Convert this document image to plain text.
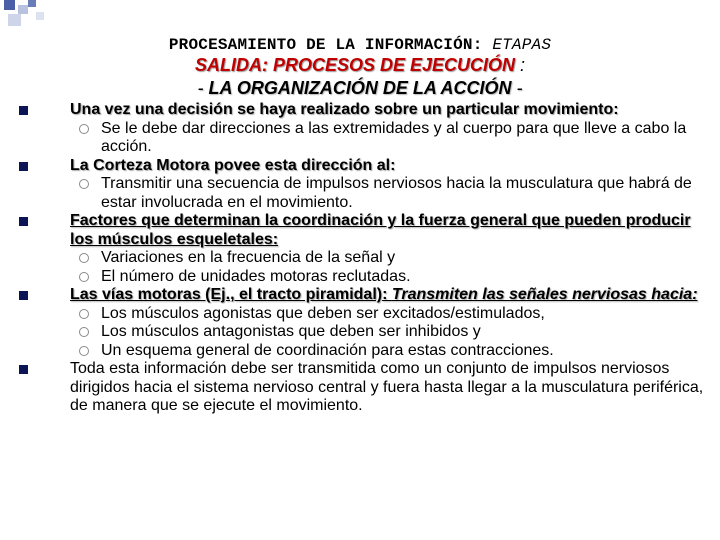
PROCESAMIENTO DE LA INFORMACIÓN: ETAPAS
SALIDA: PROCESOS DE EJECUCIÓN :
- LA ORGANIZACIÓN DE LA ACCIÓN -
Una vez una decisión se haya realizado sobre un particular movimiento:
Se le debe dar direcciones a las extremidades y al cuerpo para que lleve a cabo la acción.
La Corteza Motora povee esta dirección al:
Transmitir una secuencia de impulsos nerviosos hacia la musculatura que habrá de estar involucrada en el movimiento.
Factores que determinan la coordinación y la fuerza general que pueden producir los músculos esqueletales:
Variaciones en la frecuencia de la señal y
El número de unidades motoras reclutadas.
Las vías motoras (Ej., el tracto piramidal): Transmiten las señales nerviosas hacia:
Los músculos agonistas que deben ser excitados/estimulados,
Los músculos antagonistas que deben ser inhibidos y
Un esquema general de coordinación para estas contracciones.
Toda esta información debe ser transmitida como un conjunto de impulsos nerviosos dirigidos hacia el sistema nervioso central y fuera hasta llegar a la musculatura periférica, de manera que se ejecute el movimiento.
